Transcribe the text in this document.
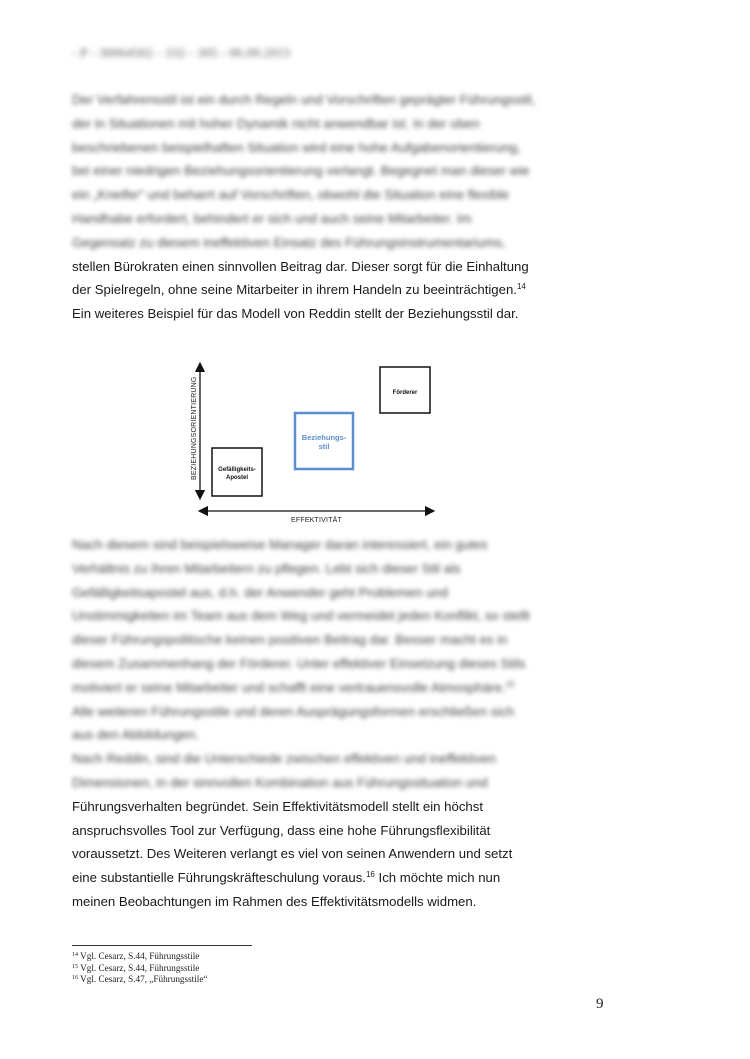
- P - 30064502 - 332 - 305 - 06.09.2015

Der Verfahrensstil ist ein durch Regeln und Vorschriften geprägter Führungsstil,
der in Situationen mit hoher Dynamik nicht anwendbar ist. In der oben
beschriebenen beispielhaften Situation wird eine hohe Aufgabenorientierung,
bei einer niedrigen Beziehungsorientierung verlangt. Begegnet man dieser wie
ein „Kneifer“ und beharrt auf Vorschriften, obwohl die Situation eine flexible
Handhabe erfordert, behindert er sich und auch seine Mitarbeiter. Im
Gegensatz zu diesem ineffektiven Einsatz des Führungsinstrumentariums,
stellen Bürokraten einen sinnvollen Beitrag dar. Dieser sorgt für die Einhaltung
der Spielregeln, ohne seine Mitarbeiter in ihrem Handeln zu beeinträchtigen.$^{14}$
Ein weiteres Beispiel für das Modell von Reddin stellt der Beziehungsstil dar.

BEZIEHUNGSORIENTIERUNG
EFFEKTIVITÄT
Förderer
Beziehungs-
stil
Gefälligkeits-
Apostel

Nach diesem sind beispielsweise Manager daran interessiert, ein gutes
Verhältnis zu ihren Mitarbeitern zu pflegen. Lebt sich dieser Stil als
Gefälligkeitsapostel aus, d.h. der Anwender geht Problemen und
Unstimmigkeiten im Team aus dem Weg und vermeidet jeden Konflikt, so stellt
dieser Führungspolitische keinen positiven Beitrag dar. Besser macht es in
diesem Zusammenhang der Förderer. Unter effektiver Einsetzung dieses Stils
motiviert er seine Mitarbeiter und schafft eine vertrauensvolle Atmosphäre.$^{15}$
Alle weiteren Führungsstile und deren Ausprägungsformen erschließen sich
aus den Abbildungen.
Nach Reddin, sind die Unterschiede zwischen effektiven und ineffektiven
Dimensionen, in der sinnvollen Kombination aus Führungssituation und
Führungsverhalten begründet. Sein Effektivitätsmodell stellt ein höchst
anspruchsvolles Tool zur Verfügung, dass eine hohe Führungsflexibilität
voraussetzt. Des Weiteren verlangt es viel von seinen Anwendern und setzt
eine substantielle Führungskräfteschulung voraus.$^{16}$ Ich möchte mich nun
meinen Beobachtungen im Rahmen des Effektivitätsmodells widmen.

$^{14}$ Vgl. Cesarz, S.44, Führungsstile
$^{15}$ Vgl. Cesarz, S.44, Führungsstile
$^{16}$ Vgl. Cesarz, S.47, „Führungsstile“
9
